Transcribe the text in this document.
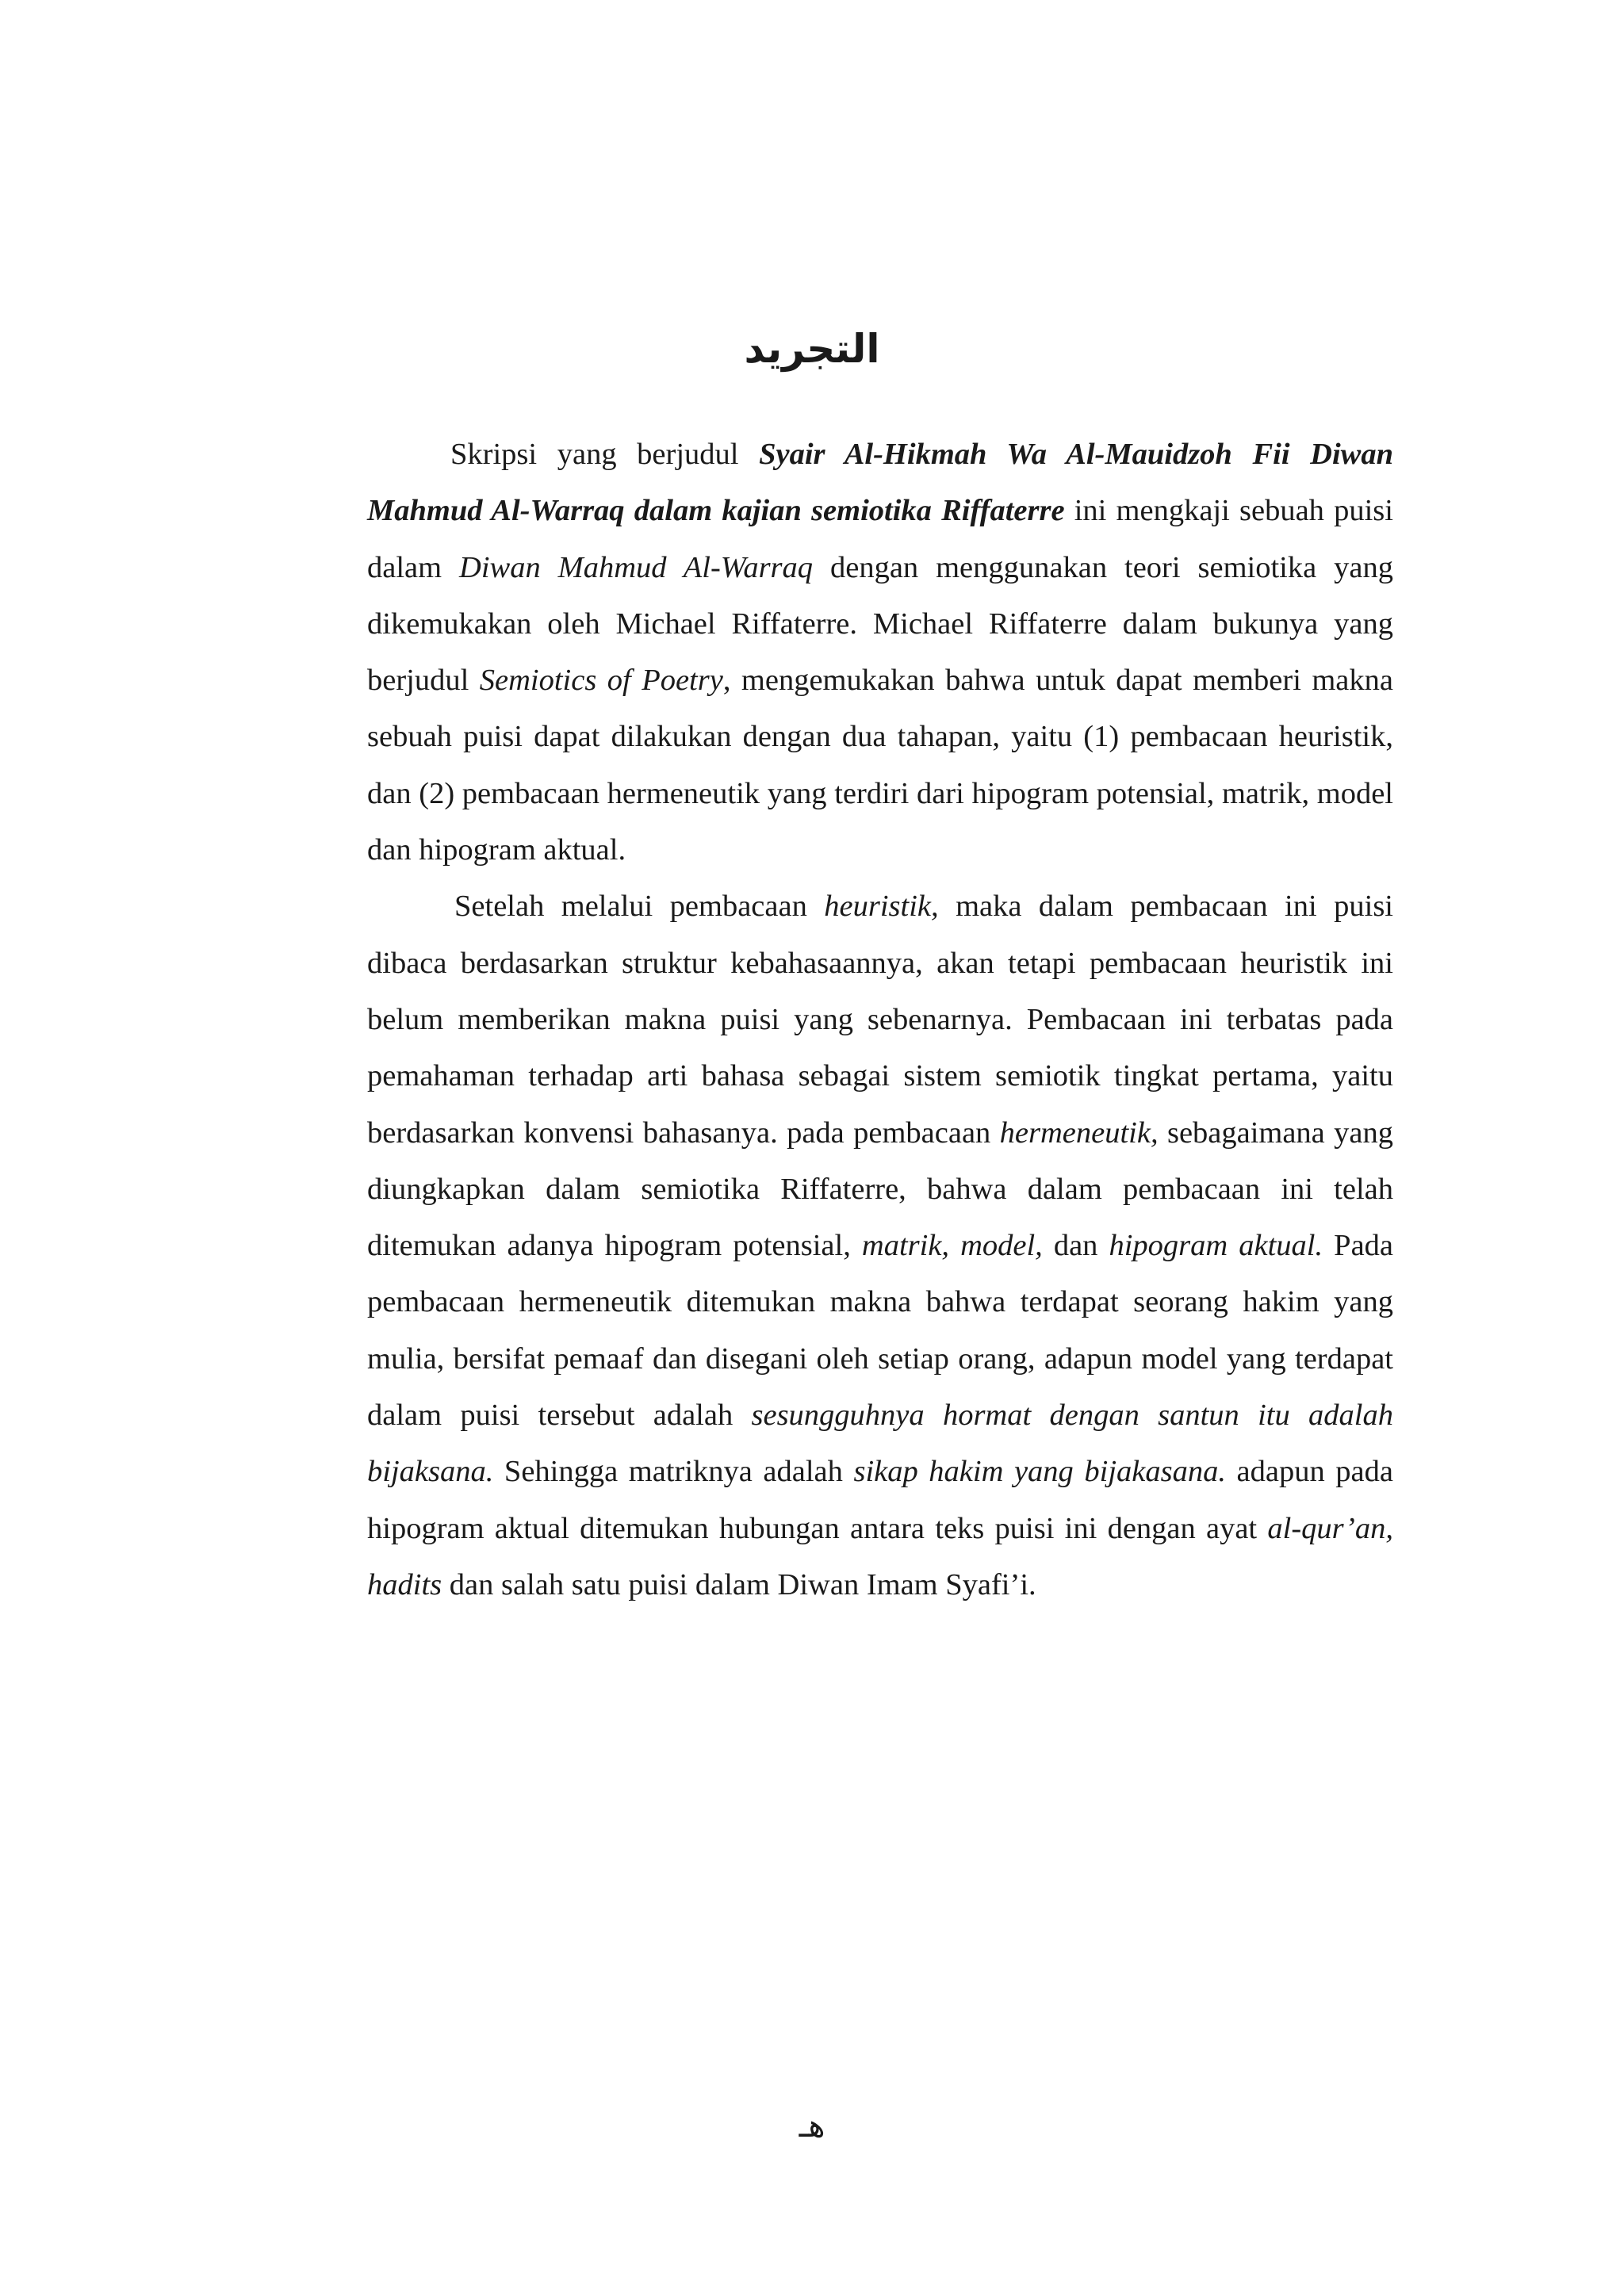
التجريد

Skripsi yang berjudul Syair Al-Hikmah Wa Al-Mauidzoh Fii Diwan Mahmud Al-Warraq dalam kajian semiotika Riffaterre ini mengkaji sebuah puisi dalam Diwan Mahmud Al-Warraq dengan menggunakan teori semiotika yang dikemukakan oleh Michael Riffaterre. Michael Riffaterre dalam bukunya yang berjudul Semiotics of Poetry, mengemukakan bahwa untuk dapat memberi makna sebuah puisi dapat dilakukan dengan dua tahapan, yaitu (1) pembacaan heuristik, dan (2) pembacaan hermeneutik yang terdiri dari hipogram potensial, matrik, model dan hipogram aktual.

Setelah melalui pembacaan heuristik, maka dalam pembacaan ini puisi dibaca berdasarkan struktur kebahasaannya, akan tetapi pembacaan heuristik ini belum memberikan makna puisi yang sebenarnya. Pembacaan ini terbatas pada pemahaman terhadap arti bahasa sebagai sistem semiotik tingkat pertama, yaitu berdasarkan konvensi bahasanya. pada pembacaan hermeneutik, sebagaimana yang diungkapkan dalam semiotika Riffaterre, bahwa dalam pembacaan ini telah ditemukan adanya hipogram potensial, matrik, model, dan hipogram aktual. Pada pembacaan hermeneutik ditemukan makna bahwa terdapat seorang hakim yang mulia, bersifat pemaaf dan disegani oleh setiap orang, adapun model yang terdapat dalam puisi tersebut adalah sesungguhnya hormat dengan santun itu adalah bijaksana. Sehingga matriknya adalah sikap hakim yang bijakasana. adapun pada hipogram aktual ditemukan hubungan antara teks puisi ini dengan ayat al-qur’an, hadits dan salah satu puisi dalam Diwan Imam Syafi’i.

هـ
